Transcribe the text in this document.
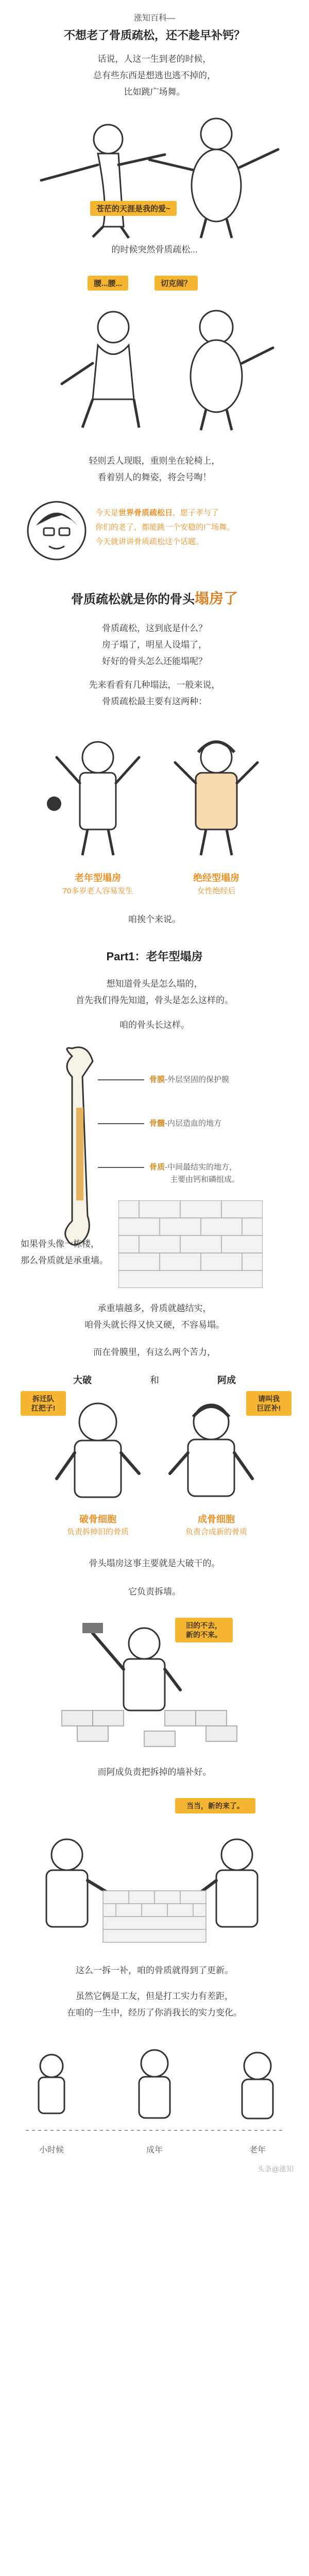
涨知百科—
不想老了骨质疏松，还不趁早补钙？
话说，人这一生到老的时候，
总有些东西是想逃也逃不掉的，
比如跳广场舞。
苍茫的天涯是我的爱~
的时候突然骨质疏松...
腰...腰...	切克闹？
轻则丢人现眼，重则坐在轮椅上，
看着别人的舞姿，将会号啕！
今天是世界骨质疏松日，愿子孝与了
你们的老了，都能跳一个安稳的广场舞。
今天就讲讲骨质疏松这个话题。
骨质疏松就是你的骨头塌房了
骨质疏松，这到底是什么？
房子塌了，明星人设塌了，
好好的骨头怎么还能塌呢？
先来看看有几种塌法，一般来说，
骨质疏松最主要有这两种：
老年型塌房
70多岁老人容易发生
绝经型塌房
女性绝经后
咱挨个来说。
Part1：老年型塌房
想知道骨头是怎么塌的，
首先我们得先知道，骨头是怎么这样的。
咱的骨头长这样。
骨膜-外层坚固的保护膜
骨髓-内层造血的地方
骨质-中间最结实的地方，
主要由钙和磷组成。
如果骨头像一栋楼，
那么骨质就是承重墙。
承重墙越多，骨质就越结实，
咱骨头就长得又快又硬，不容易塌。
而在骨膜里，有这么两个苦力，
大破	和	阿成
拆迁队
扛把子!
请叫我
巨匠补!
破骨细胞
负责拆掉旧的骨质
成骨细胞
负责合成新的骨质
骨头塌房这事主要就是大破干的。
它负责拆墙。
旧的不去，
新的不来。
而阿成负责把拆掉的墙补好。
当当，新的来了。
这么一拆一补，咱的骨质就得到了更新。
虽然它俩是工友，但是打工实力有差距，
在咱的一生中，经历了你消我长的实力变化。
小时候	成年	老年
头条@涨知
